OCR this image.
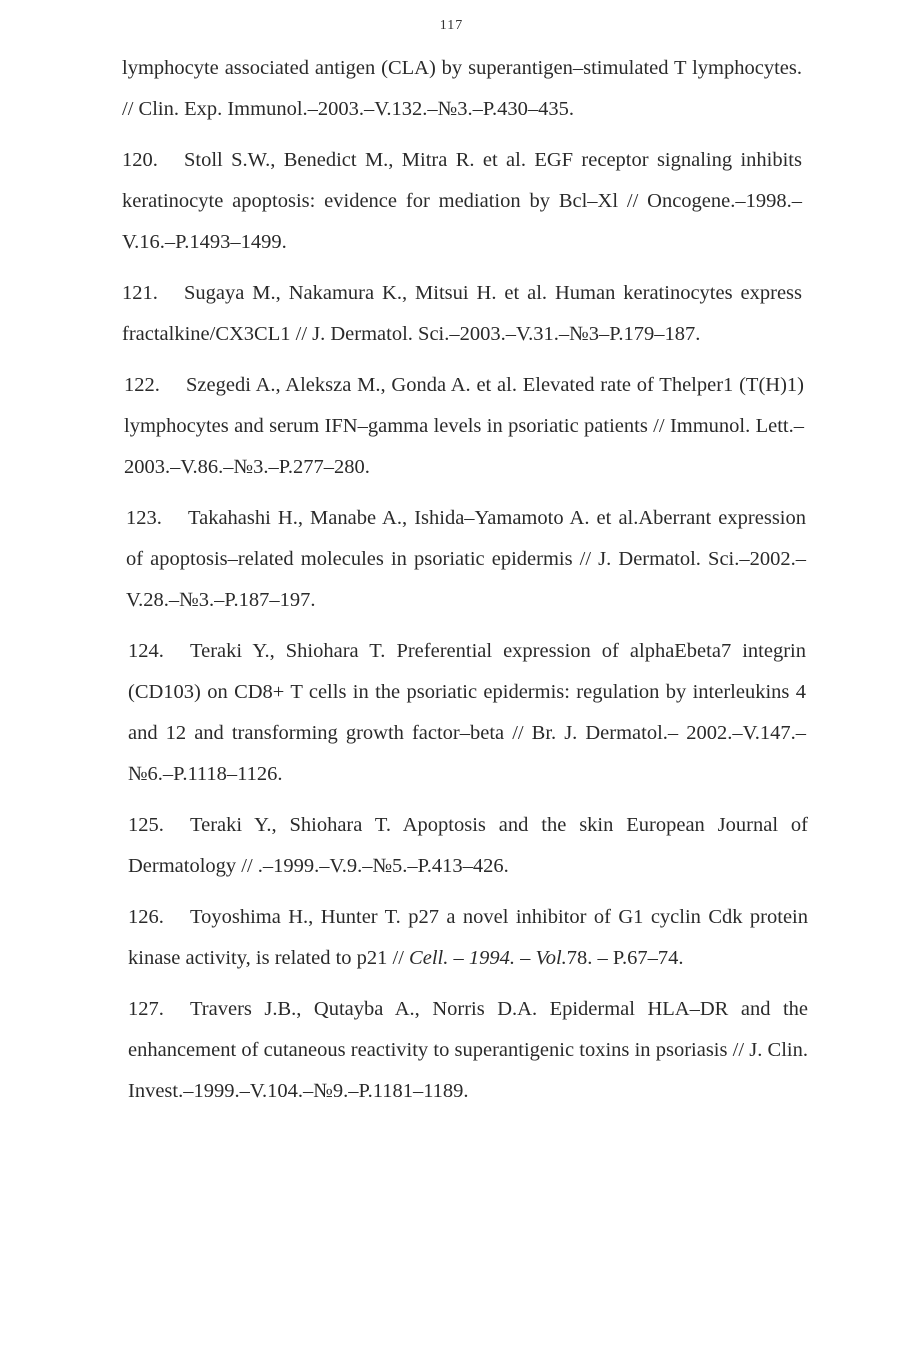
117
lymphocyte associated antigen (CLA) by superantigen–stimulated T lymphocytes. // Clin. Exp. Immunol.–2003.–V.132.–№3.–P.430–435.
120. Stoll S.W., Benedict M., Mitra R. et al. EGF receptor signaling inhibits keratinocyte apoptosis: evidence for mediation by Bcl–Xl // Oncogene.–1998.–V.16.–P.1493–1499.
121. Sugaya M., Nakamura K., Mitsui H. et al. Human keratinocytes express fractalkine/CX3CL1 // J. Dermatol. Sci.–2003.–V.31.–№3–P.179–187.
122. Szegedi A., Aleksza M., Gonda A. et al. Elevated rate of Thelper1 (T(H)1) lymphocytes and serum IFN–gamma levels in psoriatic patients // Immunol. Lett.–2003.–V.86.–№3.–P.277–280.
123. Takahashi H., Manabe A., Ishida–Yamamoto A. et al.Aberrant expression of apoptosis–related molecules in psoriatic epidermis // J. Dermatol. Sci.–2002.–V.28.–№3.–P.187–197.
124. Teraki Y., Shiohara T. Preferential expression of alphaEbeta7 integrin (CD103) on CD8+ T cells in the psoriatic epidermis: regulation by interleukins 4 and 12 and transforming growth factor–beta // Br. J. Dermatol.– 2002.–V.147.–№6.–P.1118–1126.
125. Teraki Y., Shiohara T. Apoptosis and the skin European Journal of Dermatology // .–1999.–V.9.–№5.–P.413–426.
126. Toyoshima H., Hunter T. p27 a novel inhibitor of G1 cyclin Cdk protein kinase activity, is related to p21 // Cell. – 1994. – Vol.78. – P.67–74.
127. Travers J.B., Qutayba A., Norris D.A. Epidermal HLA–DR and the enhancement of cutaneous reactivity to superantigenic toxins in psoriasis // J. Clin. Invest.–1999.–V.104.–№9.–P.1181–1189.
